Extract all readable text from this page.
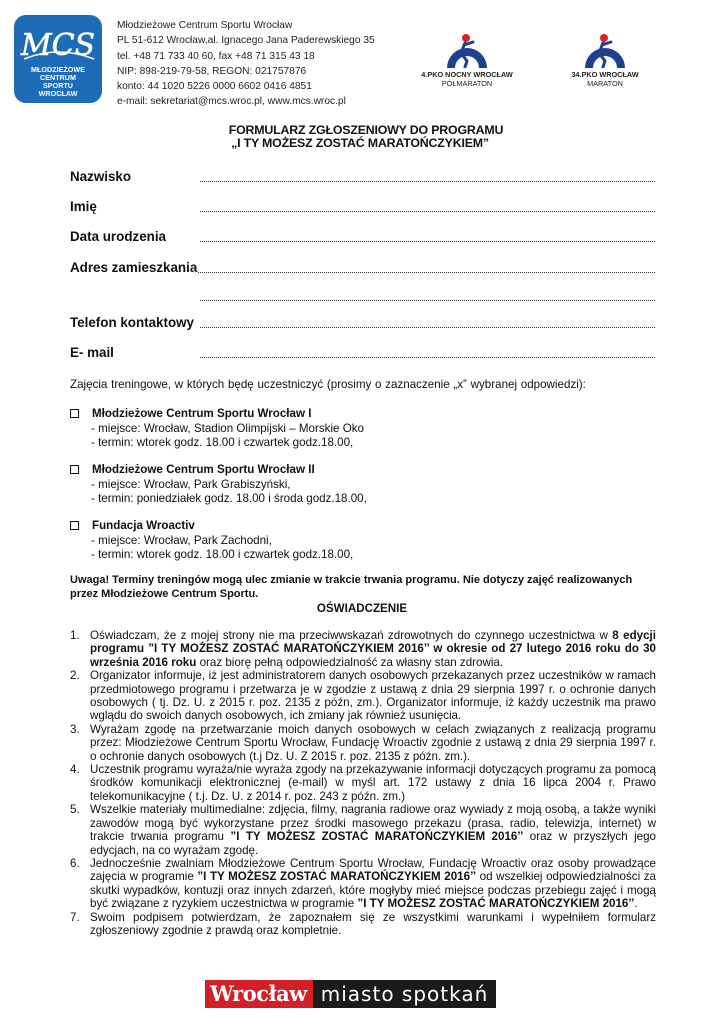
MCS
MŁODZIEŻOWE
CENTRUM
SPORTU
WROCŁAW
Młodzieżowe Centrum Sportu Wrocław
PL 51-612 Wrocław,al. Ignacego Jana Paderewskiego 35
tel. +48 71 733 40 60, fax +48 71 315 43 18
NIP: 898-219-79-58, REGON: 021757876
konto: 44 1020 5226 0000 6602 0416 4851
e-mail: sekretariat@mcs.wroc.pl, www.mcs.wroc.pl
4.PKO NOCNY WROCŁAW
PÓŁMARATON
34.PKO WROCŁAW
MARATON
FORMULARZ ZGŁOSZENIOWY DO PROGRAMU
„I TY MOŻESZ ZOSTAĆ MARATOŃCZYKIEM”
Nazwisko
Imię
Data urodzenia
Adres zamieszkania
Telefon kontaktowy
E- mail
Zajęcia treningowe, w których będę uczestniczyć (prosimy o zaznaczenie „x” wybranej odpowiedzi):
Młodzieżowe Centrum Sportu Wrocław I
- miejsce: Wrocław, Stadion Olimpijski – Morskie Oko
- termin: wtorek godz. 18.00 i czwartek godz.18.00,
Młodzieżowe Centrum Sportu Wrocław II
- miejsce: Wrocław, Park Grabiszyński,
- termin: poniedziałek godz. 18.00 i środa godz.18.00,
Fundacja Wroactiv
- miejsce: Wrocław, Park Zachodni,
- termin: wtorek godz. 18.00 i czwartek godz.18.00,
Uwaga! Terminy treningów mogą ulec zmianie w trakcie trwania programu. Nie dotyczy zajęć realizowanych przez Młodzieżowe Centrum Sportu.
OŚWIADCZENIE
1. Oświadczam, że z mojej strony nie ma przeciwwskazań zdrowotnych do czynnego uczestnictwa w 8 edycji programu ”I TY MOŻESZ ZOSTAĆ MARATOŃCZYKIEM 2016’’ w okresie od 27 lutego 2016 roku do 30 września 2016 roku oraz biorę pełną odpowiedzialność za własny stan zdrowia.
2. Organizator informuje, iż jest administratorem danych osobowych przekazanych przez uczestników w ramach przedmiotowego programu i przetwarza je w zgodzie z ustawą z dnia 29 sierpnia 1997 r. o ochronie danych osobowych ( tj. Dz. U. z 2015 r. poz. 2135 z późn, zm.). Organizator informuje, iż każdy uczestnik ma prawo wglądu do swoich danych osobowych, ich zmiany jak również usunięcia.
3. Wyrażam zgodę na przetwarzanie moich danych osobowych w celach związanych z realizacją programu przez: Młodzieżowe Centrum Sportu Wrocław, Fundację Wroactiv zgodnie z ustawą z dnia 29 sierpnia 1997 r. o ochronie danych osobowych (t.j Dz. U. Z 2015 r. poz. 2135 z późn. zm.).
4. Uczestnik programu wyraża/nie wyraża zgody na przekazywanie informacji dotyczących programu za pomocą środków komunikacji elektronicznej (e-mail) w myśl art. 172 ustawy z dnia 16 lipca 2004 r. Prawo telekomunikacyjne ( t.j. Dz. U. z 2014 r. poz. 243 z późn. zm.)
5. Wszelkie materiały multimedialne: zdjęcia, filmy, nagrania radiowe oraz wywiady z moją osobą, a także wyniki zawodów mogą być wykorzystane przez środki masowego przekazu (prasa, radio, telewizja, internet) w trakcie trwania programu ”I TY MOŻESZ ZOSTAĆ MARATOŃCZYKIEM 2016’’ oraz w przyszłych jego edycjach, na co wyrażam zgodę.
6. Jednocześnie zwalniam Młodzieżowe Centrum Sportu Wrocław, Fundację Wroactiv oraz osoby prowadzące zajęcia w programie ”I TY MOŻESZ ZOSTAĆ MARATOŃCZYKIEM 2016’’ od wszelkiej odpowiedzialności za skutki wypadków, kontuzji oraz innych zdarzeń, które mogłyby mieć miejsce podczas przebiegu zajęć i mogą być związane z ryzykiem uczestnictwa w programie ”I TY MOŻESZ ZOSTAĆ MARATOŃCZYKIEM 2016’’.
7. Swoim podpisem potwierdzam, że zapoznałem się ze wszystkimi warunkami i wypełniłem formularz zgłoszeniowy zgodnie z prawdą oraz kompletnie.
Wrocław miasto spotkań
